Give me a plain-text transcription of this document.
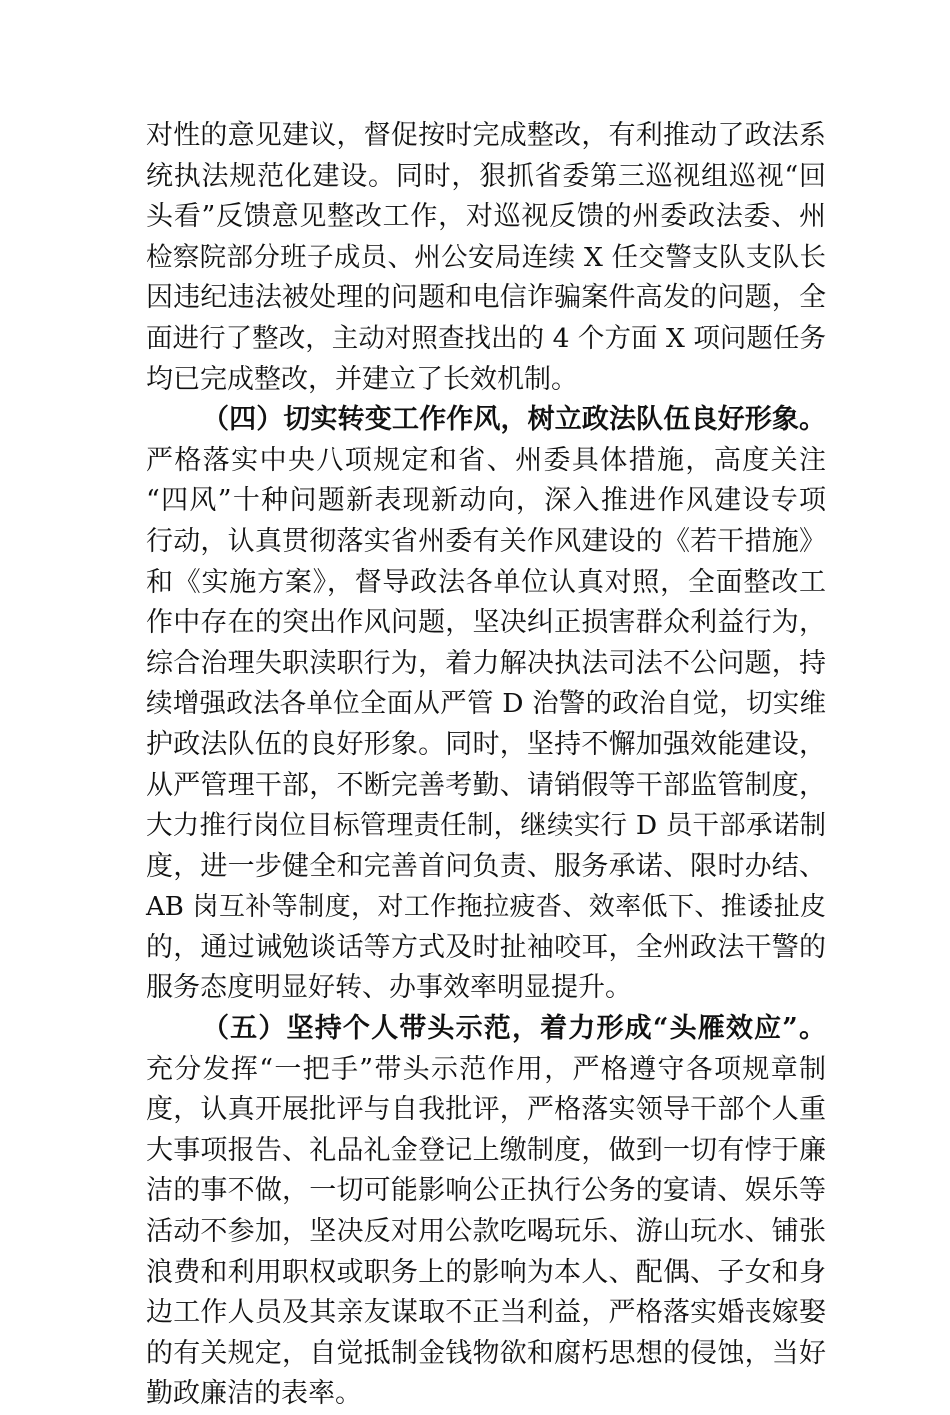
对性的意见建议，督促按时完成整改，有利推动了政法系
统执法规范化建设。同时，狠抓省委第三巡视组巡视“回
头看”反馈意见整改工作，对巡视反馈的州委政法委、州
检察院部分班子成员、州公安局连续 X 任交警支队支队长
因违纪违法被处理的问题和电信诈骗案件高发的问题，全
面进行了整改，主动对照查找出的 4 个方面 X 项问题任务
均已完成整改，并建立了长效机制。
（四）切实转变工作作风，树立政法队伍良好形象。
严格落实中央八项规定和省、州委具体措施，高度关注
“四风”十种问题新表现新动向，深入推进作风建设专项
行动，认真贯彻落实省州委有关作风建设的《若干措施》
和《实施方案》，督导政法各单位认真对照，全面整改工
作中存在的突出作风问题，坚决纠正损害群众利益行为，
综合治理失职渎职行为，着力解决执法司法不公问题，持
续增强政法各单位全面从严管 D 治警的政治自觉，切实维
护政法队伍的良好形象。同时，坚持不懈加强效能建设，
从严管理干部，不断完善考勤、请销假等干部监管制度，
大力推行岗位目标管理责任制，继续实行 D 员干部承诺制
度，进一步健全和完善首问负责、服务承诺、限时办结、
AB 岗互补等制度，对工作拖拉疲沓、效率低下、推诿扯皮
的，通过诫勉谈话等方式及时扯袖咬耳，全州政法干警的
服务态度明显好转、办事效率明显提升。
（五）坚持个人带头示范，着力形成“头雁效应”。
充分发挥“一把手”带头示范作用，严格遵守各项规章制
度，认真开展批评与自我批评，严格落实领导干部个人重
大事项报告、礼品礼金登记上缴制度，做到一切有悖于廉
洁的事不做，一切可能影响公正执行公务的宴请、娱乐等
活动不参加，坚决反对用公款吃喝玩乐、游山玩水、铺张
浪费和利用职权或职务上的影响为本人、配偶、子女和身
边工作人员及其亲友谋取不正当利益，严格落实婚丧嫁娶
的有关规定，自觉抵制金钱物欲和腐朽思想的侵蚀，当好
勤政廉洁的表率。
